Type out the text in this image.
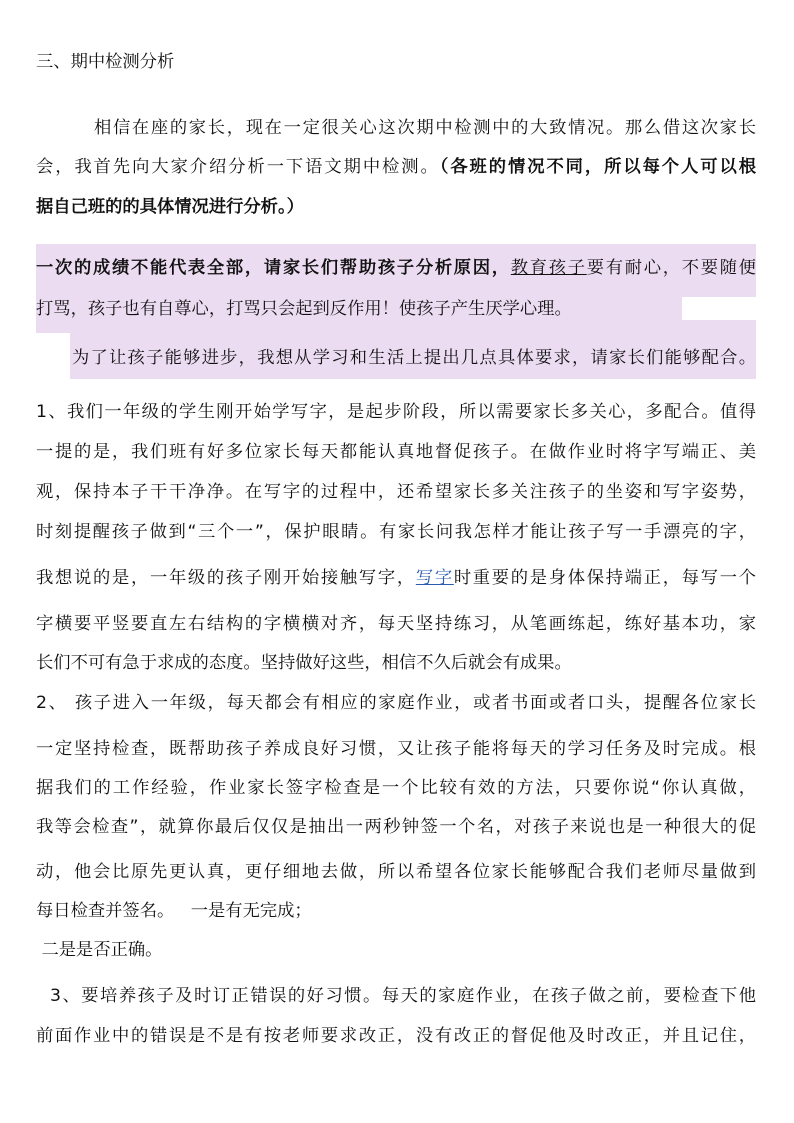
三、期中检测分析
相信在座的家长，现在一定很关心这次期中检测中的大致情况。那么借这次家长
会，我首先向大家介绍分析一下语文期中检测。（各班的情况不同，所以每个人可以根
据自己班的的具体情况进行分析。）
一次的成绩不能代表全部，请家长们帮助孩子分析原因，教育孩子要有耐心，不要随便
打骂，孩子也有自尊心，打骂只会起到反作用！使孩子产生厌学心理。
为了让孩子能够进步，我想从学习和生活上提出几点具体要求，请家长们能够配合。
1、我们一年级的学生刚开始学写字，是起步阶段，所以需要家长多关心，多配合。值得
一提的是，我们班有好多位家长每天都能认真地督促孩子。在做作业时将字写端正、美
观，保持本子干干净净。在写字的过程中，还希望家长多关注孩子的坐姿和写字姿势，
时刻提醒孩子做到“三个一”，保护眼睛。有家长问我怎样才能让孩子写一手漂亮的字，
我想说的是，一年级的孩子刚开始接触写字，写字时重要的是身体保持端正，每写一个
字横要平竖要直左右结构的字横横对齐，每天坚持练习，从笔画练起，练好基本功，家
长们不可有急于求成的态度。坚持做好这些，相信不久后就会有成果。
2、 孩子进入一年级，每天都会有相应的家庭作业，或者书面或者口头，提醒各位家长
一定坚持检查，既帮助孩子养成良好习惯，又让孩子能将每天的学习任务及时完成。根
据我们的工作经验，作业家长签字检查是一个比较有效的方法，只要你说“你认真做，
我等会检查”，就算你最后仅仅是抽出一两秒钟签一个名，对孩子来说也是一种很大的促
动，他会比原先更认真，更仔细地去做，所以希望各位家长能够配合我们老师尽量做到
每日检查并签名。   一是有无完成；
二是是否正确。
3、要培养孩子及时订正错误的好习惯。每天的家庭作业，在孩子做之前，要检查下他
前面作业中的错误是不是有按老师要求改正，没有改正的督促他及时改正，并且记住，
